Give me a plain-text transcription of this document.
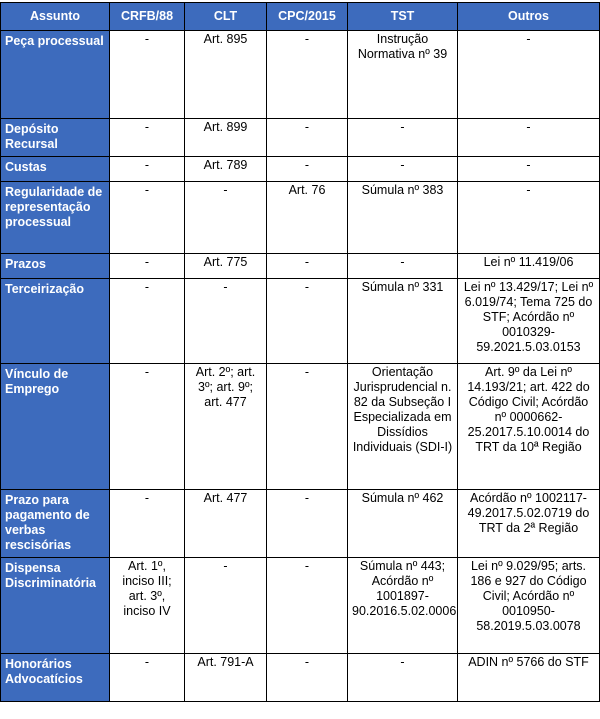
Assunto	CRFB/88	CLT	CPC/2015	TST	Outros
Peça processual	-	Art. 895	-	Instrução Normativa nº 39	-
Depósito Recursal	-	Art. 899	-	-	-
Custas	-	Art. 789	-	-	-
Regularidade de representação processual	-	-	Art. 76	Súmula nº 383	-
Prazos	-	Art. 775	-	-	Lei nº 11.419/06
Terceirização	-	-	-	Súmula nº 331	Lei nº 13.429/17; Lei nº 6.019/74; Tema 725 do STF; Acórdão nº 0010329-59.2021.5.03.0153
Vínculo de Emprego	-	Art. 2º; art. 3º; art. 9º; art. 477	-	Orientação Jurisprudencial n. 82 da Subseção I Especializada em Dissídios Individuais (SDI-I)	Art. 9º da Lei nº 14.193/21; art. 422 do Código Civil; Acórdão nº 0000662-25.2017.5.10.0014 do TRT da 10ª Região
Prazo para pagamento de verbas rescisórias	-	Art. 477	-	Súmula nº 462	Acórdão nº 1002117-49.2017.5.02.0719 do TRT da 2ª Região
Dispensa Discriminatória	Art. 1º, inciso III; art. 3º, inciso IV	-	-	Súmula nº 443; Acórdão nº 1001897-90.2016.5.02.0006	Lei nº 9.029/95; arts. 186 e 927 do Código Civil; Acórdão nº 0010950-58.2019.5.03.0078
Honorários Advocatícios	-	Art. 791-A	-	-	ADIN nº 5766 do STF
